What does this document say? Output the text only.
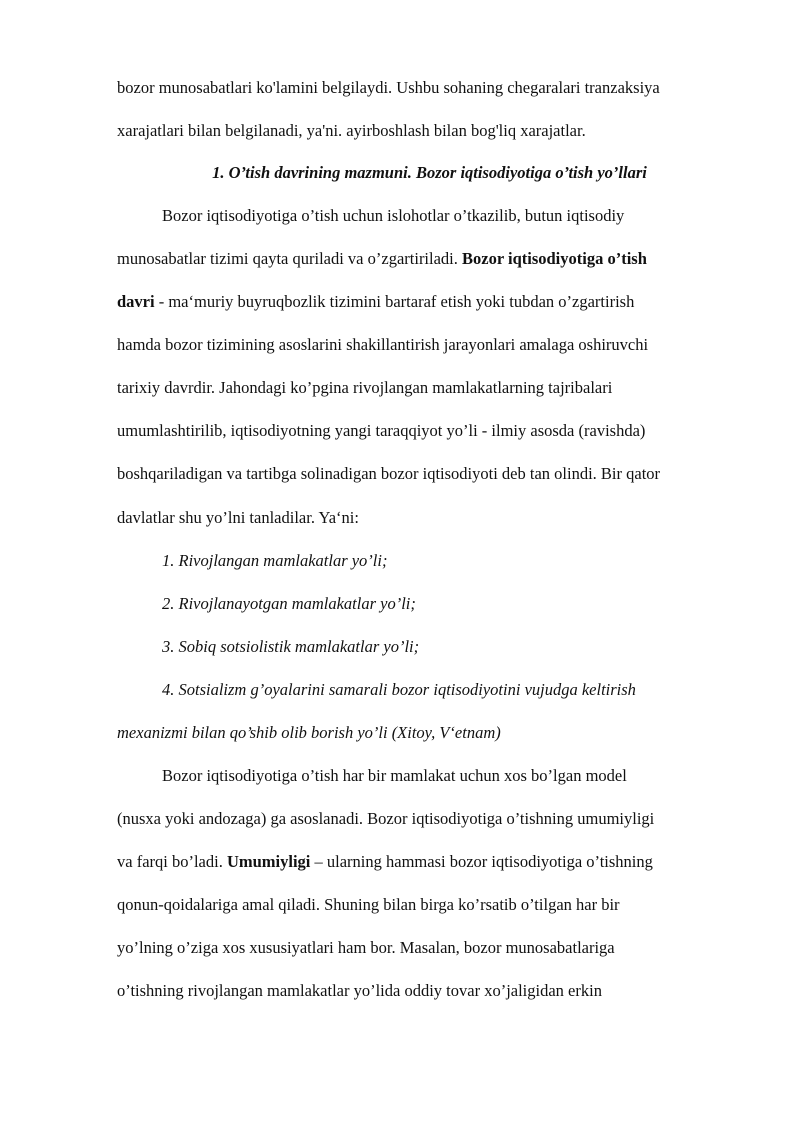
bozor munosabatlari ko'lamini belgilaydi. Ushbu sohaning chegaralari tranzaksiya
xarajatlari bilan belgilanadi, ya'ni. ayirboshlash bilan bog'liq xarajatlar.
1. O’tish davrining mazmuni. Bozor iqtisodiyotiga o’tish yo’llari
Bozor iqtisodiyotiga o’tish uchun islohotlar o’tkazilib, butun iqtisodiy
munosabatlar tizimi qayta quriladi va o’zgartiriladi. Bozor iqtisodiyotiga o’tish
davri - ma‘muriy buyruqbozlik tizimini bartaraf etish yoki tubdan o’zgartirish
hamda bozor tizimining asoslarini shakillantirish jarayonlari amalaga oshiruvchi
tarixiy davrdir. Jahondagi ko’pgina rivojlangan mamlakatlarning tajribalari
umumlashtirilib, iqtisodiyotning yangi taraqqiyot yo’li - ilmiy asosda (ravishda)
boshqariladigan va tartibga solinadigan bozor iqtisodiyoti deb tan olindi. Bir qator
davlatlar shu yo’lni tanladilar. Ya‘ni:
1. Rivojlangan mamlakatlar yo’li;
2. Rivojlanayotgan mamlakatlar yo’li;
3. Sobiq sotsiolistik mamlakatlar yo’li;
4. Sotsializm g’oyalarini samarali bozor iqtisodiyotini vujudga keltirish
mexanizmi bilan qo’shib olib borish yo’li (Xitoy, V‘etnam)
Bozor iqtisodiyotiga o’tish har bir mamlakat uchun xos bo’lgan model
(nusxa yoki andozaga) ga asoslanadi. Bozor iqtisodiyotiga o’tishning umumiyligi
va farqi bo’ladi. Umumiyligi – ularning hammasi bozor iqtisodiyotiga o’tishning
qonun-qoidalariga amal qiladi. Shuning bilan birga ko’rsatib o’tilgan har bir
yo’lning o’ziga xos xususiyatlari ham bor. Masalan, bozor munosabatlariga
o’tishning rivojlangan mamlakatlar yo’lida oddiy tovar xo’jaligidan erkin
